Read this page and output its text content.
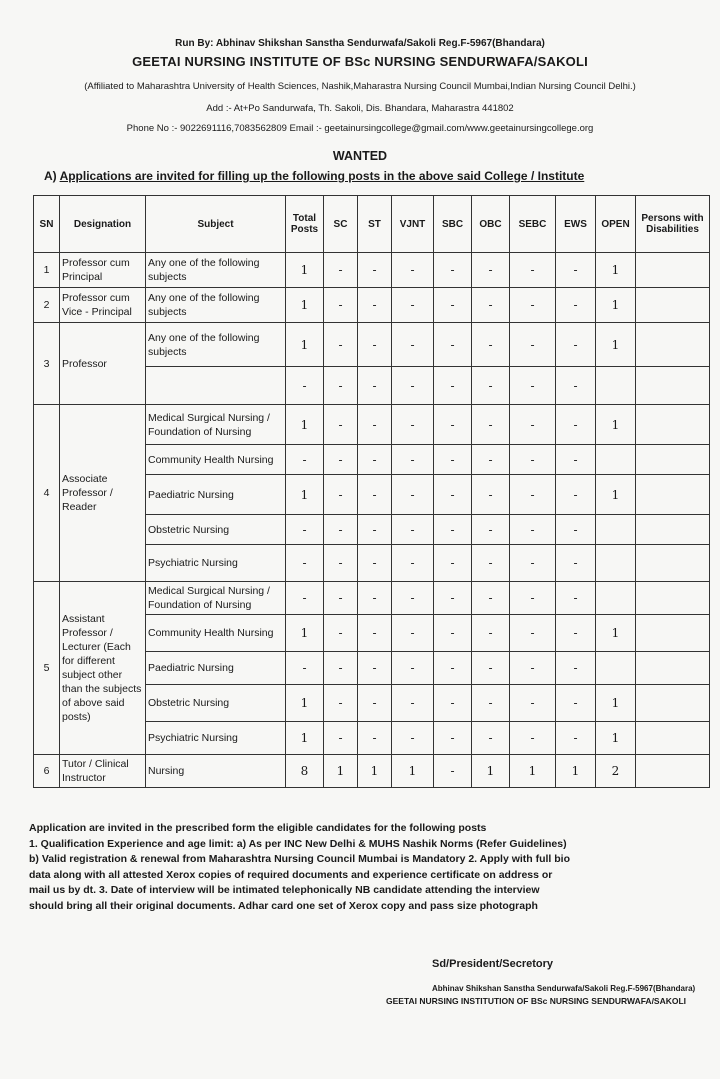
Run By: Abhinav Shikshan Sanstha Sendurwafa/Sakoli Reg.F-5967(Bhandara)
GEETAI NURSING INSTITUTE OF BSc NURSING SENDURWAFA/SAKOLI
(Affiliated to Maharashtra University of Health Sciences, Nashik,Maharastra Nursing Council Mumbai,Indian Nursing Council Delhi.)
Add :- At+Po Sandurwafa, Th. Sakoli, Dis. Bhandara, Maharastra 441802
Phone No :- 9022691116,7083562809 Email :- geetainursingcollege@gmail.com/www.geetainursingcollege.org
WANTED
A) Applications are invited for filling up the following posts in the above said College / Institute
SN	Designation	Subject	Total Posts	SC	ST	VJNT	SBC	OBC	SEBC	EWS	OPEN	Persons with Disabilities
1	Professor cum Principal	Any one of the following subjects	1	-	-	-	-	-	-	-	1	
2	Professor cum Vice - Principal	Any one of the following subjects	1	-	-	-	-	-	-	-	1	
3	Professor	Any one of the following subjects	1	-	-	-	-	-	-	-	1	
			-	-	-	-	-	-	-	-		
4	Associate Professor / Reader	Medical Surgical Nursing / Foundation of Nursing	1	-	-	-	-	-	-	-	1	
		Community Health Nursing	-	-	-	-	-	-	-	-		
		Paediatric Nursing	1	-	-	-	-	-	-	-	1	
		Obstetric Nursing	-	-	-	-	-	-	-	-		
		Psychiatric Nursing	-	-	-	-	-	-	-	-		
5	Assistant Professor / Lecturer (Each for different subject other than the subjects of above said posts)	Medical Surgical Nursing / Foundation of Nursing	-	-	-	-	-	-	-	-		
		Community Health Nursing	1	-	-	-	-	-	-	-	1	
		Paediatric Nursing	-	-	-	-	-	-	-	-		
		Obstetric Nursing	1	-	-	-	-	-	-	-	1	
		Psychiatric Nursing	1	-	-	-	-	-	-	-	1	
6	Tutor / Clinical Instructor	Nursing	8	1	1	1	-	1	1	1	2	
Application are invited in the prescribed form the eligible candidates for the following posts
1. Qualification Experience and age limit: a) As per INC New Delhi & MUHS Nashik Norms (Refer Guidelines)
b) Valid registration & renewal from Maharashtra Nursing Council Mumbai is Mandatory 2. Apply with full bio
data along with all attested Xerox copies of required documents and experience certificate on address or
mail us by dt. 3. Date of interview will be intimated telephonically NB candidate attending the interview
should bring all their original documents. Adhar card one set of Xerox copy and pass size photograph
Sd/President/Secretory
Abhinav Shikshan Sanstha Sendurwafa/Sakoli Reg.F-5967(Bhandara)
GEETAI NURSING INSTITUTION OF BSc NURSING SENDURWAFA/SAKOLI
